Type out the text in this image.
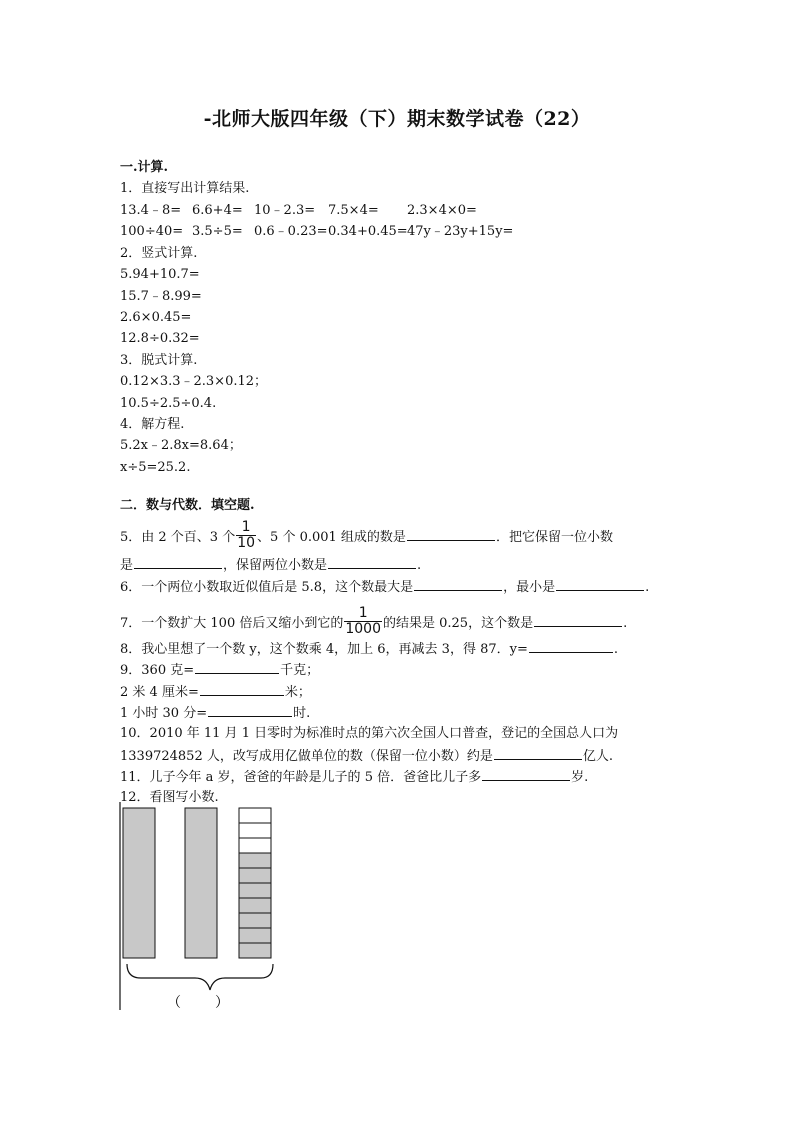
-北师大版四年级（下）期末数学试卷（22）
一.计算.
1．直接写出计算结果.
13.4﹣8= 6.6+4= 10﹣2.3= 7.5×4= 2.3×4×0=
100÷40= 3.5÷5= 0.6﹣0.23=0.34+0.45=47y﹣23y+15y=
2．竖式计算.
5.94+10.7=
15.7﹣8.99=
2.6×0.45=
12.8÷0.32=
3．脱式计算.
0.12×3.3﹣2.3×0.12；
10.5÷2.5÷0.4.
4．解方程.
5.2x﹣2.8x=8.64；
x÷5=25.2.
二．数与代数．填空题.
5．由 2 个百、3 个 $\frac{1}{10}$ 、5 个 0.001 组成的数是	．把它保留一位小数
是	，保留两位小数是	.
6．一个两位小数取近似值后是 5.8，这个数最大是	，最小是	.
7．一个数扩大 100 倍后又缩小到它的 $\frac{1}{1000}$ 的结果是 0.25，这个数是	.
8．我心里想了一个数 y，这个数乘 4，加上 6，再减去 3，得 87．y=	.
9．360 克=	千克；
2 米 4 厘米=	米；
1 小时 30 分=	时.
10．2010 年 11 月 1 日零时为标准时点的第六次全国人口普查，登记的全国总人口为
1339724852 人，改写成用亿做单位的数（保留一位小数）约是	亿人.
11．儿子今年 a 岁，爸爸的年龄是儿子的 5 倍．爸爸比儿子多	岁.
12．看图写小数.
（ ）
